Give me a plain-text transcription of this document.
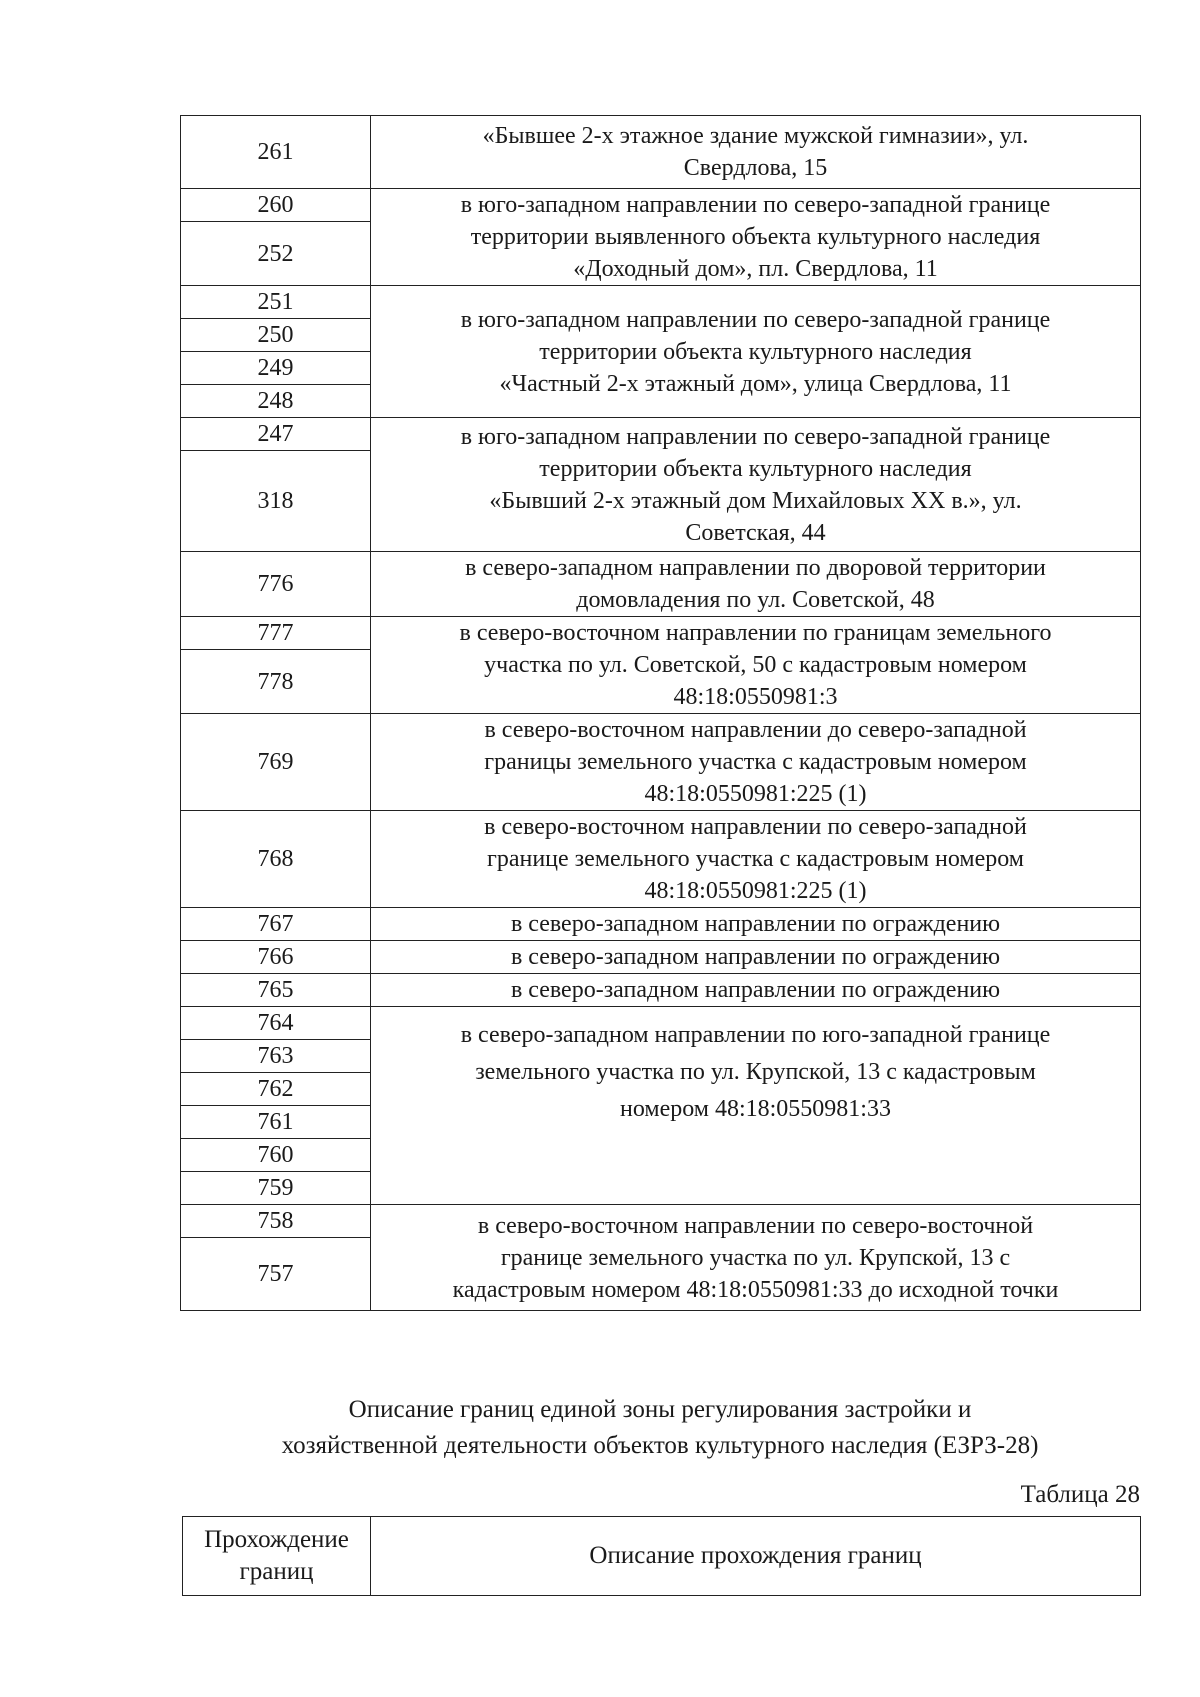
261	«Бывшее 2-х этажное здание мужской гимназии», ул.
Свердлова, 15

260	в юго-западном направлении по северо-западной границе
территории выявленного объекта культурного наследия
«Доходный дом», пл. Свердлова, 11

252	
251	в юго-западном направлении по северо-западной границе
территории объекта культурного наследия
«Частный 2-х этажный дом», улица Свердлова, 11

250	
249	
248	
247	в юго-западном направлении по северо-западной границе
территории объекта культурного наследия
«Бывший 2-х этажный дом Михайловых XX в.», ул.
Советская, 44

318	
776	в северо-западном направлении по дворовой территории
домовладения по ул. Советской, 48

777	в северо-восточном направлении по границам земельного
участка по ул. Советской, 50 с кадастровым номером
48:18:0550981:3

778	
769	в северо-восточном направлении до северо-западной
границы земельного участка с кадастровым номером
48:18:0550981:225 (1)

768	в северо-восточном направлении по северо-западной
границе земельного участка с кадастровым номером
48:18:0550981:225 (1)

767	в северо-западном направлении по ограждению

766	в северо-западном направлении по ограждению

765	в северо-западном направлении по ограждению

764	в северо-западном направлении по юго-западной границе
земельного участка по ул. Крупской, 13 с кадастровым
номером 48:18:0550981:33

763	
762	
761	
760	
759	
758	в северо-восточном направлении по северо-восточной
границе земельного участка по ул. Крупской, 13 с
кадастровым номером 48:18:0550981:33 до исходной точки

757	
Описание границ единой зоны регулирования застройки и
хозяйственной деятельности объектов культурного наследия (ЕЗРЗ-28)
Таблица 28
Прохождение
границ
	Описание прохождения границ
